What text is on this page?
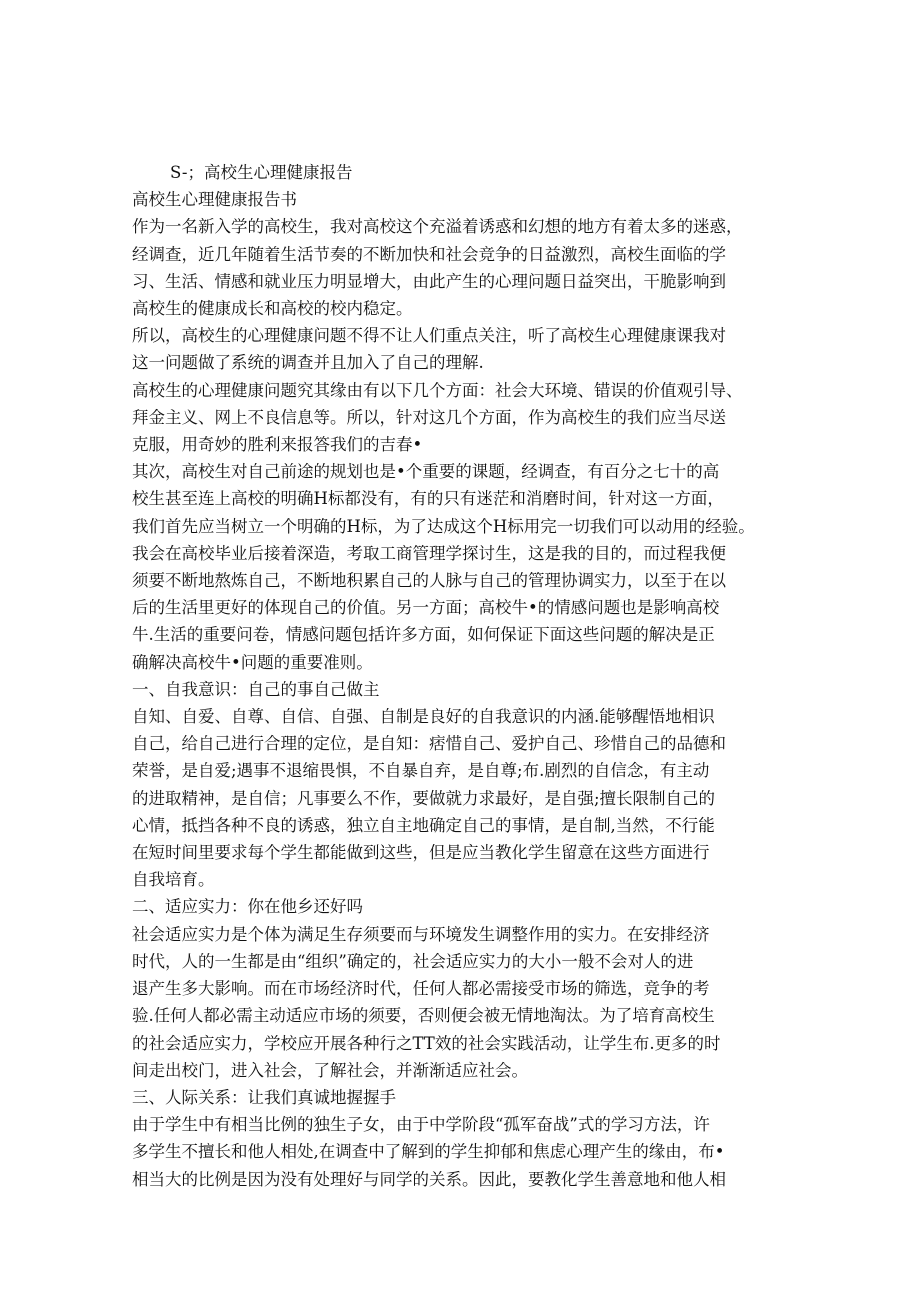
S-；高校生心理健康报告
高校生心理健康报告书
作为一名新入学的高校生，我对高校这个充溢着诱惑和幻想的地方有着太多的迷惑，
经调查，近几年随着生活节奏的不断加快和社会竞争的日益激烈，高校生面临的学
习、生活、情感和就业压力明显增大，由此产生的心理问题日益突出，干脆影响到
高校生的健康成长和高校的校内稳定。
所以，高校生的心理健康问题不得不让人们重点关注，听了高校生心理健康课我对
这一问题做了系统的调查并且加入了自己的理解.
高校生的心理健康问题究其缘由有以下几个方面：社会大环境、错误的价值观引导、
拜金主义、网上不良信息等。所以，针对这几个方面，作为高校生的我们应当尽送
克服，用奇妙的胜利来报答我们的吉春•
其次，高校生对自己前途的规划也是•个重要的课题，经调查，有百分之七十的高
校生甚至连上高校的明确H标都没有，有的只有迷茫和消磨时间，针对这一方面，
我们首先应当树立一个明确的H标，为了达成这个H标用完一切我们可以动用的经验。
我会在高校毕业后接着深造，考取工商管理学探讨生，这是我的目的，而过程我便
须要不断地熬炼自己，不断地积累自己的人脉与自己的管理协调实力，以至于在以
后的生活里更好的体现自己的价值。另一方面；高校牛•的情感问题也是影响高校
牛.生活的重要问卷，情感问题包括许多方面，如何保证下面这些问题的解决是正
确解决高校牛•问题的重要准则。
一、自我意识：自己的事自己做主
自知、自爱、自尊、自信、自强、自制是良好的自我意识的内涵.能够醒悟地相识
自己，给自己进行合理的定位，是自知：痞惜自己、爱护自己、珍惜自己的品德和
荣誉，是自爱;遇事不退缩畏惧，不自暴自弃，是自尊;布.剧烈的自信念，有主动
的进取精神，是自信；凡事要么不作，要做就力求最好，是自强;擅长限制自己的
心情，抵挡各种不良的诱惑，独立自主地确定自己的事情，是自制,当然，不行能
在短时间里要求每个学生都能做到这些，但是应当教化学生留意在这些方面进行
自我培育。
二、适应实力：你在他乡还好吗
社会适应实力是个体为满足生存须要而与环境发生调整作用的实力。在安排经济
时代，人的一生都是由“组织”确定的，社会适应实力的大小一般不会对人的进
退产生多大影响。而在市场经济时代，任何人都必需接受市场的筛选，竞争的考
验.任何人都必需主动适应市场的须要，否则便会被无情地淘汰。为了培育高校生
的社会适应实力，学校应开展各种行之TT效的社会实践活动，让学生布.更多的时
间走出校门，进入社会，了解社会，并渐渐适应社会。
三、人际关系：让我们真诚地握握手
由于学生中有相当比例的独生子女，由于中学阶段“孤军奋战”式的学习方法，许
多学生不擅长和他人相处,在调查中了解到的学生抑郁和焦虑心理产生的缘由，布•
相当大的比例是因为没有处理好与同学的关系。因此，要教化学生善意地和他人相
